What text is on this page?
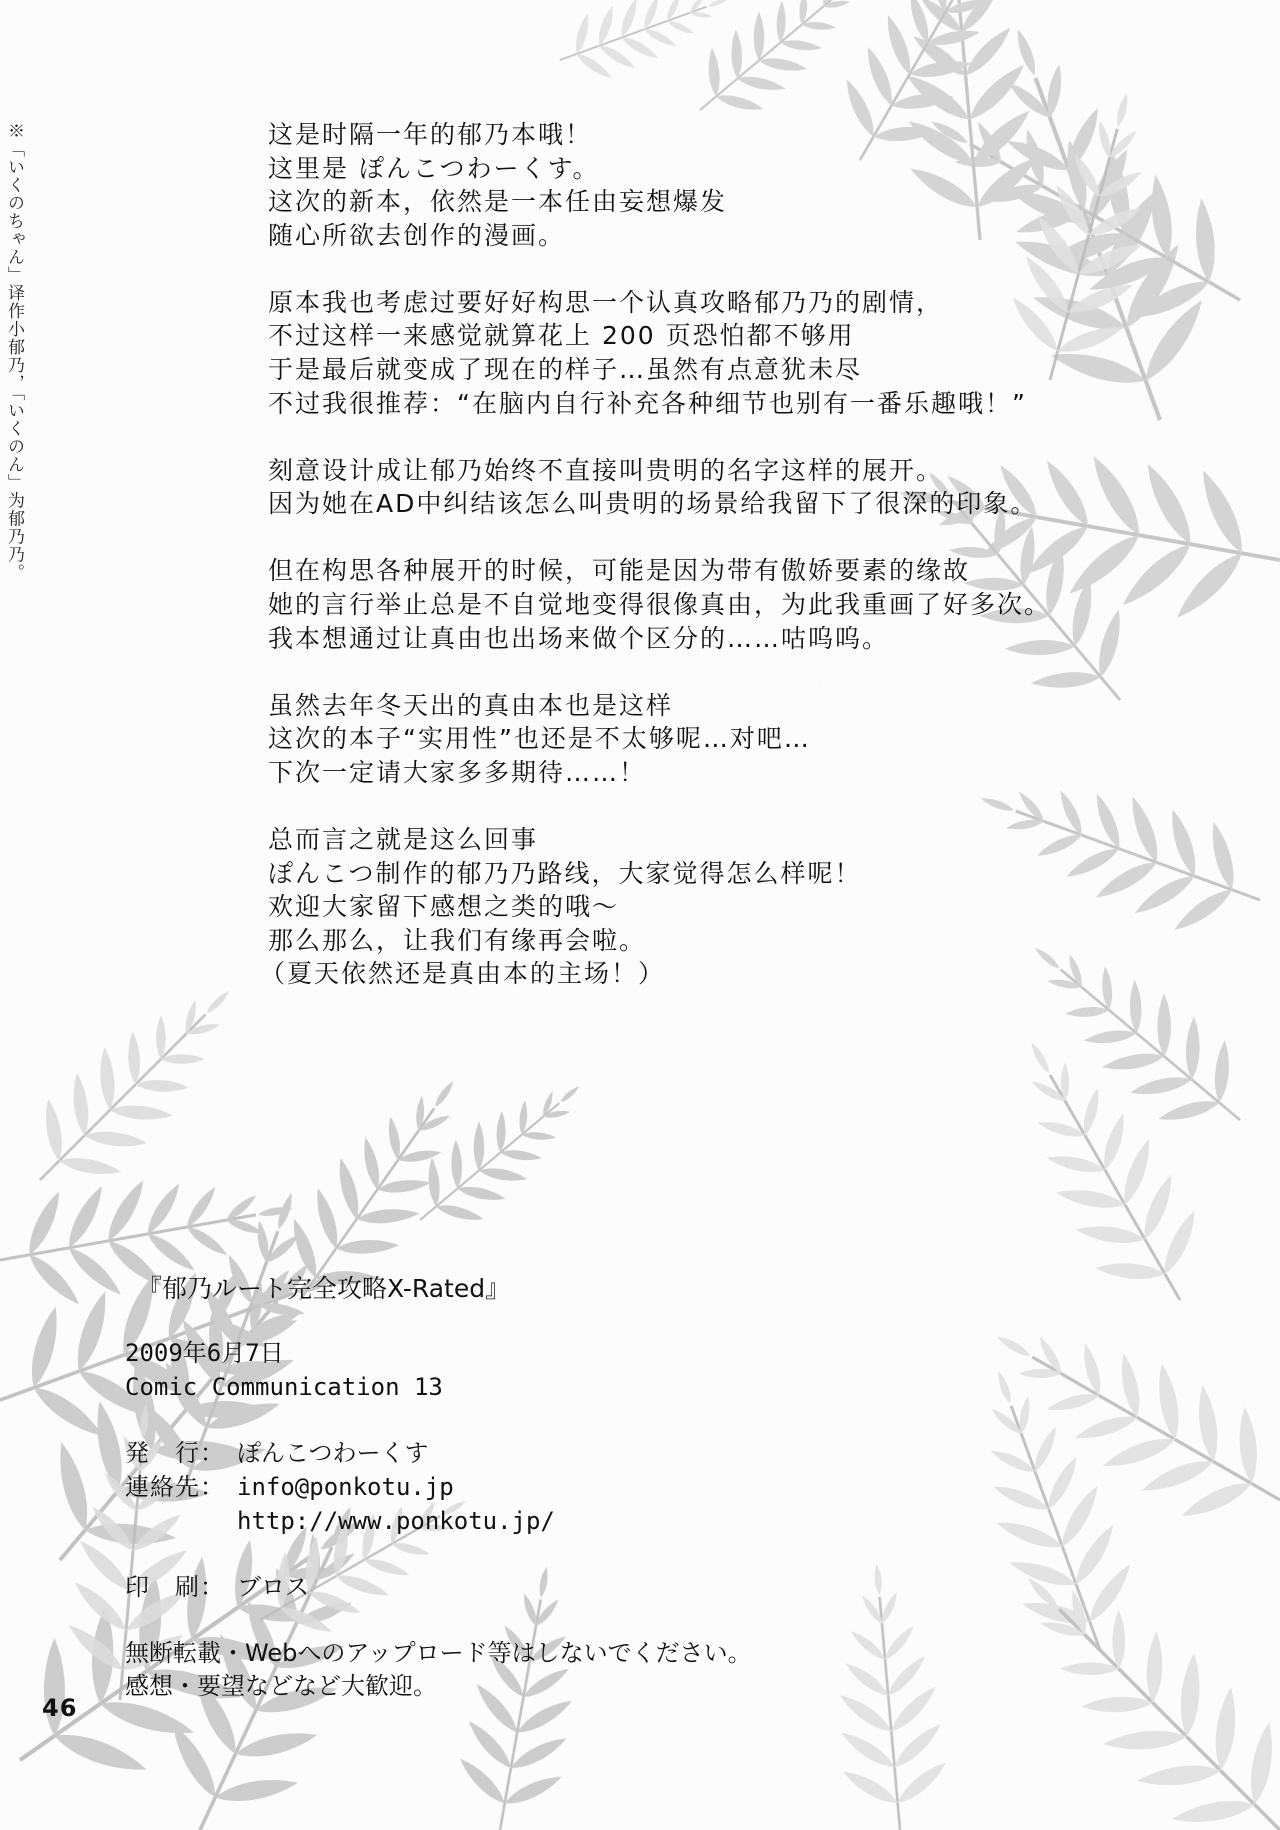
※「いくのちゃん」译作小郁乃，「いくのん」为郁乃乃。	这是时隔一年的郁乃本哦！
这里是 ぽんこつわーくす。
这次的新本，依然是一本任由妄想爆发
随心所欲去创作的漫画。

原本我也考虑过要好好构思一个认真攻略郁乃乃的剧情，
不过这样一来感觉就算花上 200 页恐怕都不够用
于是最后就变成了现在的样子…虽然有点意犹未尽
不过我很推荐：“在脑内自行补充各种细节也别有一番乐趣哦！”

刻意设计成让郁乃始终不直接叫贵明的名字这样的展开。
因为她在AD中纠结该怎么叫贵明的场景给我留下了很深的印象。

但在构思各种展开的时候，可能是因为带有傲娇要素的缘故
她的言行举止总是不自觉地变得很像真由，为此我重画了好多次。
我本想通过让真由也出场来做个区分的……咕呜呜。

虽然去年冬天出的真由本也是这样
这次的本子“实用性”也还是不太够呢…对吧…
下次一定请大家多多期待……！

总而言之就是这么回事
ぽんこつ制作的郁乃乃路线，大家觉得怎么样呢！
欢迎大家留下感想之类的哦～
那么那么，让我们有缘再会啦。
（夏天依然还是真由本的主场！）

『郁乃ルート完全攻略X-Rated』
2009年6月7日
Comic Communication 13
発　行： ぽんこつわーくす
連絡先： info@ponkotu.jp
http://www.ponkotu.jp/
印　刷： ブロス
無断転載・Webへのアップロード等はしないでください。
感想・要望などなど大歓迎。
46
